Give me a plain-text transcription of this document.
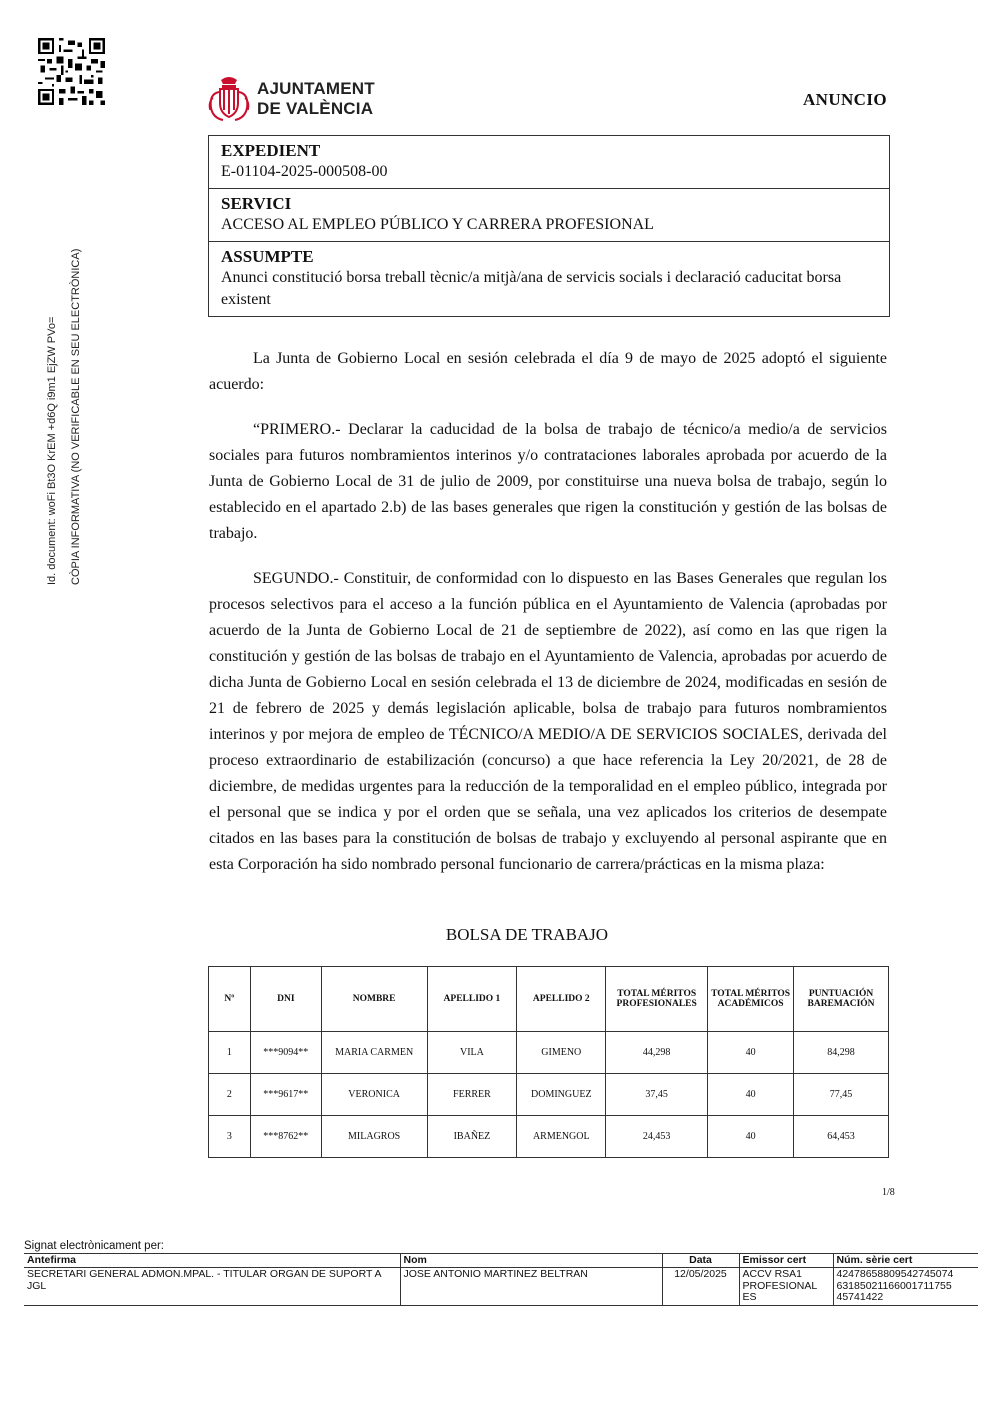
Id. document: woFi Bt3O KrEM +d6Q i9m1 EjZW PVo= CÒPIA INFORMATIVA (NO VERIFICABLE EN SEU ELECTRÒNICA)
AJUNTAMENT
DE VALÈNCIA	ANUNCIO
EXPEDIENT
E-01104-2025-000508-00
SERVICI
ACCESO AL EMPLEO PÚBLICO Y CARRERA PROFESIONAL
ASSUMPTE
Anunci constitució borsa treball tècnic/a mitjà/ana de servicis socials i declaració caducitat borsa existent

La Junta de Gobierno Local en sesión celebrada el día 9 de mayo de 2025 adoptó el siguiente acuerdo:

“PRIMERO.- Declarar la caducidad de la bolsa de trabajo de técnico/a medio/a de servicios sociales para futuros nombramientos interinos y/o contrataciones laborales aprobada por acuerdo de la Junta de Gobierno Local de 31 de julio de 2009, por constituirse una nueva bolsa de trabajo, según lo establecido en el apartado 2.b) de las bases generales que rigen la constitución y gestión de las bolsas de trabajo.

SEGUNDO.- Constituir, de conformidad con lo dispuesto en las Bases Generales que regulan los procesos selectivos para el acceso a la función pública en el Ayuntamiento de Valencia (aprobadas por acuerdo de la Junta de Gobierno Local de 21 de septiembre de 2022), así como en las que rigen la constitución y gestión de las bolsas de trabajo en el Ayuntamiento de Valencia, aprobadas por acuerdo de dicha Junta de Gobierno Local en sesión celebrada el 13 de diciembre de 2024, modificadas en sesión de 21 de febrero de 2025 y demás legislación aplicable, bolsa de trabajo para futuros nombramientos interinos y por mejora de empleo de TÉCNICO/A MEDIO/A DE SERVICIOS SOCIALES, derivada del proceso extraordinario de estabilización (concurso) a que hace referencia la Ley 20/2021, de 28 de diciembre, de medidas urgentes para la reducción de la temporalidad en el empleo público, integrada por el personal que se indica y por el orden que se señala, una vez aplicados los criterios de desempate citados en las bases para la constitución de bolsas de trabajo y excluyendo al personal aspirante que en esta Corporación ha sido nombrado personal funcionario de carrera/prácticas en la misma plaza:

BOLSA DE TRABAJO
Nº	DNI	NOMBRE	APELLIDO 1	APELLIDO 2	TOTAL MÉRITOS PROFESIONALES	TOTAL MÉRITOS ACADÉMICOS	PUNTUACIÓN BAREMACIÓN
1	***9094**	MARIA CARMEN	VILA	GIMENO	44,298	40	84,298
2	***9617**	VERONICA	FERRER	DOMINGUEZ	37,45	40	77,45
3	***8762**	MILAGROS	IBAÑEZ	ARMENGOL	24,453	40	64,453
1/8
Signat electrònicament per:
Antefirma	Nom	Data	Emissor cert	Núm. sèrie cert
SECRETARI GENERAL ADMON.MPAL. - TITULAR ORGAN DE SUPORT A JGL	JOSE ANTONIO MARTINEZ BELTRAN	12/05/2025	ACCV RSA1 PROFESIONAL ES	42478658809542745074 63185021166001711755 45741422
